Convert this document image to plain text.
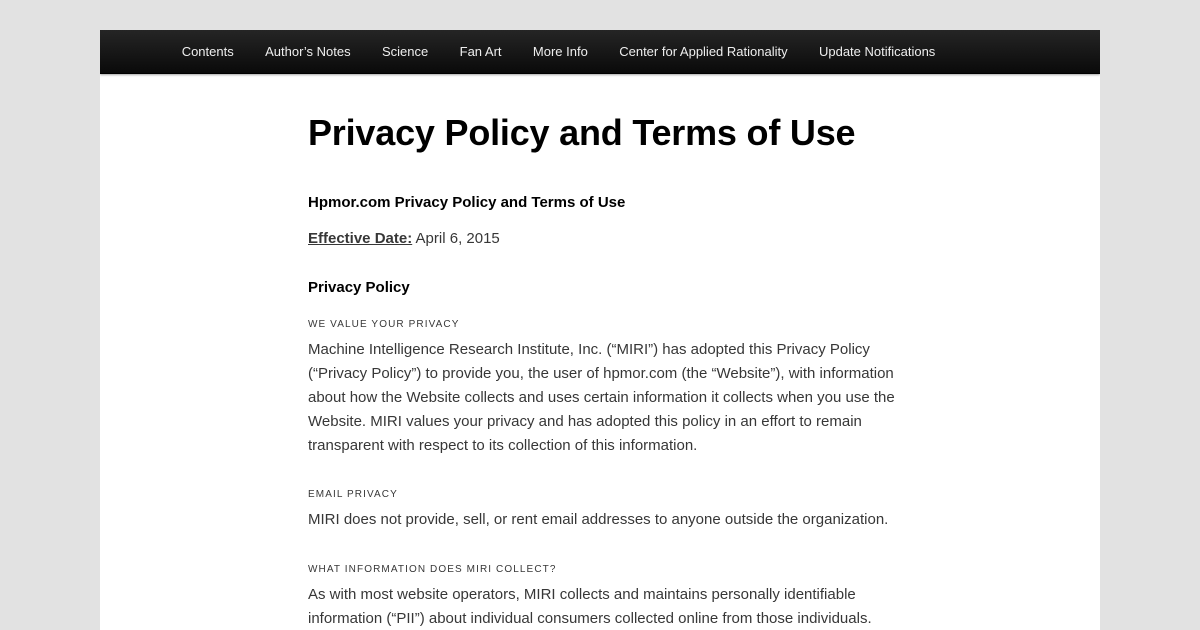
Contents	Author’s Notes	Science	Fan Art	More Info	Center for Applied Rationality	Update Notifications
Privacy Policy and Terms of Use

Hpmor.com Privacy Policy and Terms of Use

Effective Date: April 6, 2015

Privacy Policy

WE VALUE YOUR PRIVACY

Machine Intelligence Research Institute, Inc. (“MIRI”) has adopted this Privacy Policy (“Privacy Policy”) to provide you, the user of hpmor.com (the “Website”), with information about how the Website collects and uses certain information it collects when you use the Website. MIRI values your privacy and has adopted this policy in an effort to remain transparent with respect to its collection of this information.

EMAIL PRIVACY

MIRI does not provide, sell, or rent email addresses to anyone outside the organization.

WHAT INFORMATION DOES MIRI COLLECT?

As with most website operators, MIRI collects and maintains personally identifiable information (“PII”) about individual consumers collected online from those individuals.
